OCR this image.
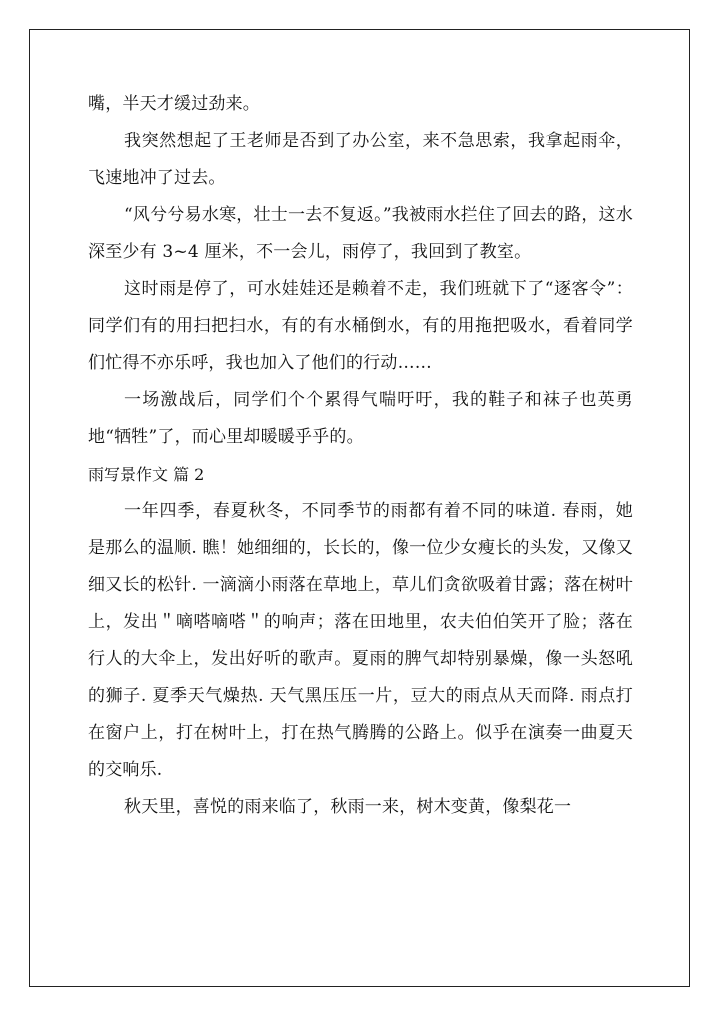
嘴，半天才缓过劲来。

我突然想起了王老师是否到了办公室，来不急思索，我拿起雨伞，飞速地冲了过去。

“风兮兮易水寒，壮士一去不复返。”我被雨水拦住了回去的路，这水深至少有 3~4 厘米，不一会儿，雨停了，我回到了教室。

这时雨是停了，可水娃娃还是赖着不走，我们班就下了“逐客令”：同学们有的用扫把扫水，有的有水桶倒水，有的用拖把吸水，看着同学们忙得不亦乐呼，我也加入了他们的行动……

一场激战后，同学们个个累得气喘吁吁，我的鞋子和袜子也英勇地“牺牲”了，而心里却暖暖乎乎的。

雨写景作文 篇 2

一年四季，春夏秋冬，不同季节的雨都有着不同的味道. 春雨，她是那么的温顺. 瞧！她细细的，长长的，像一位少女瘦长的头发，又像又细又长的松针. 一滴滴小雨落在草地上，草儿们贪欲吸着甘露；落在树叶上，发出＂嘀嗒嘀嗒＂的响声；落在田地里，农夫伯伯笑开了脸；落在行人的大伞上，发出好听的歌声。夏雨的脾气却特别暴燥，像一头怒吼的狮子. 夏季天气燥热. 天气黑压压一片，豆大的雨点从天而降. 雨点打在窗户上，打在树叶上，打在热气腾腾的公路上。似乎在演奏一曲夏天的交响乐.

秋天里，喜悦的雨来临了，秋雨一来，树木变黄，像梨花一
